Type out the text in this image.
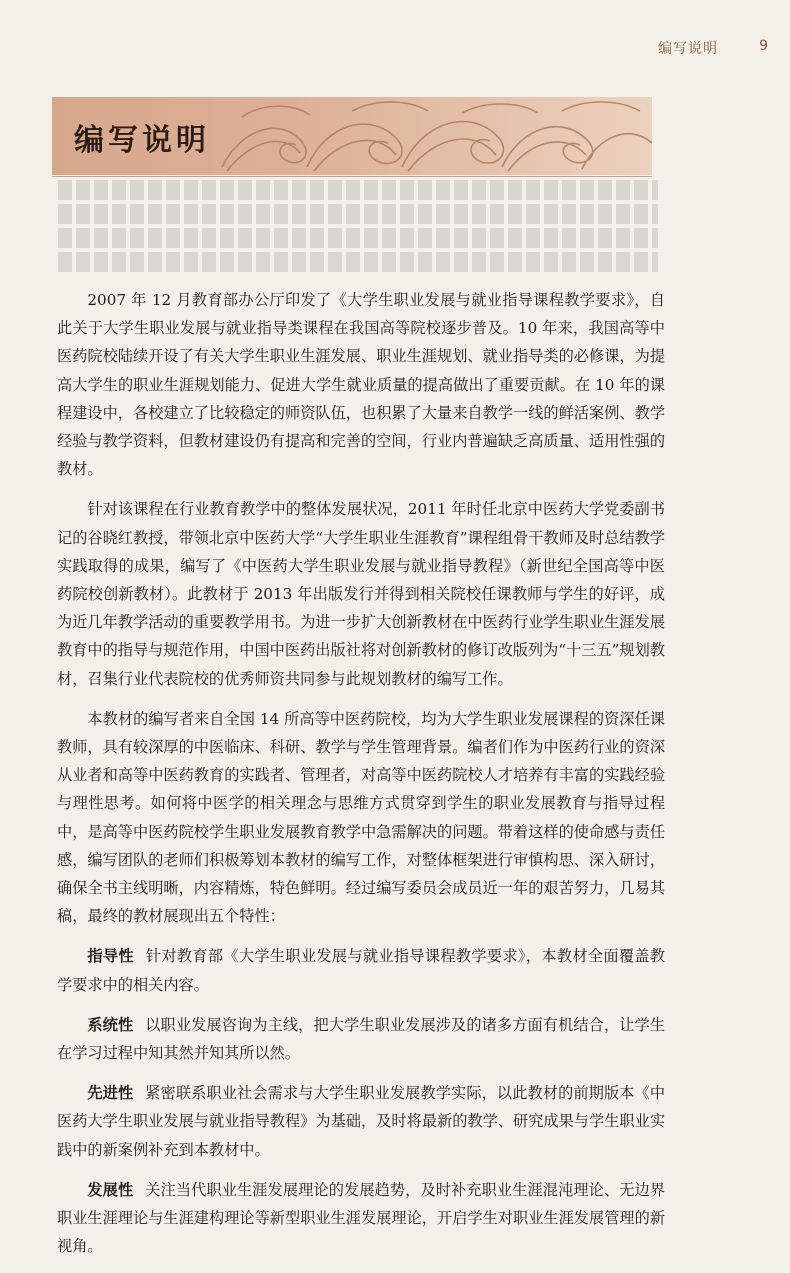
编写说明	9
编写说明

2007 年 12 月教育部办公厅印发了《大学生职业发展与就业指导课程教学要求》，自此关于大学生职业发展与就业指导类课程在我国高等院校逐步普及。10 年来，我国高等中医药院校陆续开设了有关大学生职业生涯发展、职业生涯规划、就业指导类的必修课，为提高大学生的职业生涯规划能力、促进大学生就业质量的提高做出了重要贡献。在 10 年的课程建设中，各校建立了比较稳定的师资队伍，也积累了大量来自教学一线的鲜活案例、教学经验与教学资料，但教材建设仍有提高和完善的空间，行业内普遍缺乏高质量、适用性强的教材。

针对该课程在行业教育教学中的整体发展状况，2011 年时任北京中医药大学党委副书记的谷晓红教授，带领北京中医药大学“大学生职业生涯教育”课程组骨干教师及时总结教学实践取得的成果，编写了《中医药大学生职业发展与就业指导教程》（新世纪全国高等中医药院校创新教材）。此教材于 2013 年出版发行并得到相关院校任课教师与学生的好评，成为近几年教学活动的重要教学用书。为进一步扩大创新教材在中医药行业学生职业生涯发展教育中的指导与规范作用，中国中医药出版社将对创新教材的修订改版列为“十三五”规划教材，召集行业代表院校的优秀师资共同参与此规划教材的编写工作。

本教材的编写者来自全国 14 所高等中医药院校，均为大学生职业发展课程的资深任课教师，具有较深厚的中医临床、科研、教学与学生管理背景。编者们作为中医药行业的资深从业者和高等中医药教育的实践者、管理者，对高等中医药院校人才培养有丰富的实践经验与理性思考。如何将中医学的相关理念与思维方式贯穿到学生的职业发展教育与指导过程中，是高等中医药院校学生职业发展教育教学中急需解决的问题。带着这样的使命感与责任感，编写团队的老师们积极筹划本教材的编写工作，对整体框架进行审慎构思、深入研讨，确保全书主线明晰，内容精炼，特色鲜明。经过编写委员会成员近一年的艰苦努力，几易其稿，最终的教材展现出五个特性：

指导性 针对教育部《大学生职业发展与就业指导课程教学要求》，本教材全面覆盖教学要求中的相关内容。

系统性 以职业发展咨询为主线，把大学生职业发展涉及的诸多方面有机结合，让学生在学习过程中知其然并知其所以然。

先进性 紧密联系职业社会需求与大学生职业发展教学实际，以此教材的前期版本《中医药大学生职业发展与就业指导教程》为基础，及时将最新的教学、研究成果与学生职业实践中的新案例补充到本教材中。

发展性 关注当代职业生涯发展理论的发展趋势，及时补充职业生涯混沌理论、无边界职业生涯理论与生涯建构理论等新型职业生涯发展理论，开启学生对职业生涯发展管理的新视角。
